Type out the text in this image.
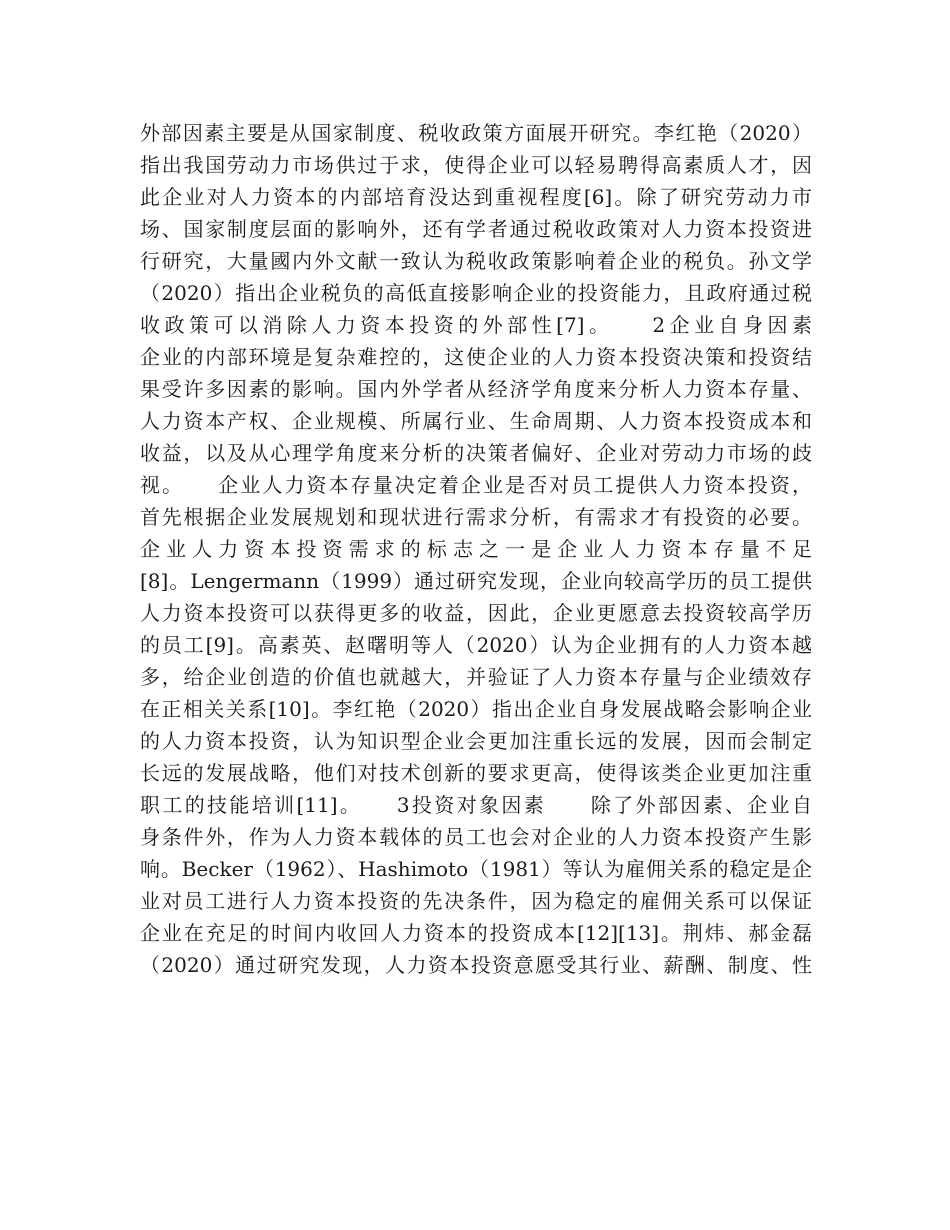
外部因素主要是从国家制度、税收政策方面展开研究。李红艳（2020）
指出我国劳动力市场供过于求，使得企业可以轻易聘得高素质人才，因
此企业对人力资本的内部培育没达到重视程度[6]。除了研究劳动力市
场、国家制度层面的影响外，还有学者通过税收政策对人力资本投资进
行研究，大量國内外文献一致认为税收政策影响着企业的税负。孙文学
（2020）指出企业税负的高低直接影响企业的投资能力，且政府通过税
收政策可以消除人力资本投资的外部性[7]。　　2企业自身因素
企业的内部环境是复杂难控的，这使企业的人力资本投资决策和投资结
果受许多因素的影响。国内外学者从经济学角度来分析人力资本存量、
人力资本产权、企业规模、所属行业、生命周期、人力资本投资成本和
收益，以及从心理学角度来分析的决策者偏好、企业对劳动力市场的歧
视。　　企业人力资本存量决定着企业是否对员工提供人力资本投资，
首先根据企业发展规划和现状进行需求分析，有需求才有投资的必要。
企业人力资本投资需求的标志之一是企业人力资本存量不足
[8]。Lengermann（1999）通过研究发现，企业向较高学历的员工提供
人力资本投资可以获得更多的收益，因此，企业更愿意去投资较高学历
的员工[9]。高素英、赵曙明等人（2020）认为企业拥有的人力资本越
多，给企业创造的价值也就越大，并验证了人力资本存量与企业绩效存
在正相关关系[10]。李红艳（2020）指出企业自身发展战略会影响企业
的人力资本投资，认为知识型企业会更加注重长远的发展，因而会制定
长远的发展战略，他们对技术创新的要求更高，使得该类企业更加注重
职工的技能培训[11]。　　3投资对象因素　　除了外部因素、企业自
身条件外，作为人力资本载体的员工也会对企业的人力资本投资产生影
响。Becker（1962）、Hashimoto（1981）等认为雇佣关系的稳定是企
业对员工进行人力资本投资的先决条件，因为稳定的雇佣关系可以保证
企业在充足的时间内收回人力资本的投资成本[12][13]。荆炜、郝金磊
（2020）通过研究发现，人力资本投资意愿受其行业、薪酬、制度、性
